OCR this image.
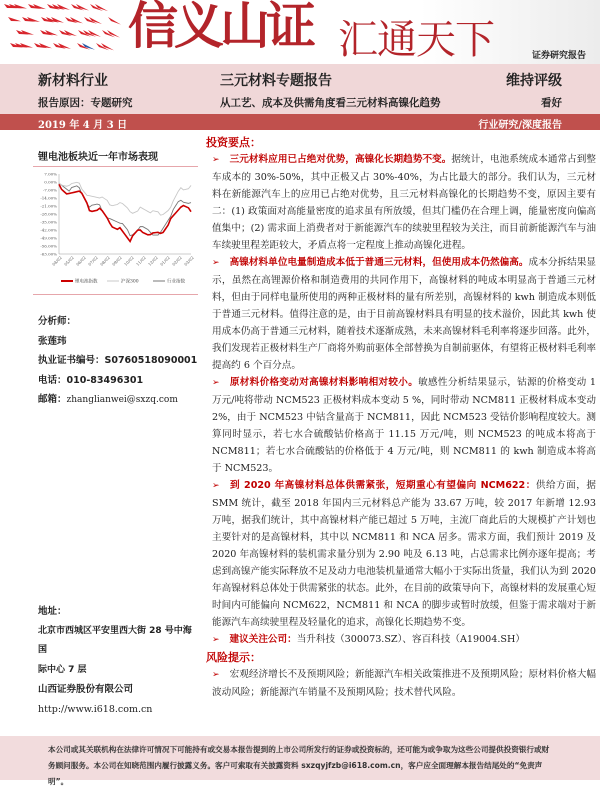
信义山证 汇通天下	证券研究报告
新材料行业	三元材料专题报告	维持评级
报告原因：专题研究	从工艺、成本及供需角度看三元材料高镍化趋势	看好
2019 年 4 月 3 日	行业研究/深度报告
锂电池板块近一年市场表现
7.00%
0.00%
-7.00%
-14.00%
-21.00%
-28.00%
-35.00%
-42.00%
-49.00%
-56.00%
-63.00%
04/02 05/02 06/02 07/02 08/02 09/02 10/02 11/02 12/02 01/02 02/02 03/02
锂电池指数	沪深300	行业指数
分析师：
张莲玮
执业证书编号：S0760518090001
电话：010-83496301
邮箱：zhanglianwei@sxzq.com
地址：
北京市西城区平安里西大街 28 号中海国
际中心 7 层
山西证券股份有限公司
http://www.i618.com.cn
投资要点：
➢ 三元材料应用已占绝对优势，高镍化长期趋势不变。据统计，电池系统成本通常占到整车成本的 30%-50%，其中正极又占 30%-40%，为占比最大的部分。我们认为，三元材料在新能源汽车上的应用已占绝对优势，且三元材料高镍化的长期趋势不变，原因主要有二：(1) 政策面对高能量密度的追求虽有所放缓，但其门槛仍在合理上调，能量密度向偏高值集中；(2) 需求面上消费者对于新能源汽车的续驶里程较为关注，而目前新能源汽车与油车续驶里程差距较大，矛盾点将一定程度上推动高镍化进程。
➢ 高镍材料单位电量制造成本低于普通三元材料，但使用成本仍然偏高。成本分拆结果显示，虽然在高锂源价格和制造费用的共同作用下，高镍材料的吨成本明显高于普通三元材料，但由于同样电量所使用的两种正极材料的量有所差别，高镍材料的 kwh 制造成本则低于普通三元材料。值得注意的是，由于目前高镍材料具有明显的技术溢价，因此其 kwh 使用成本仍高于普通三元材料，随着技术逐渐成熟，未来高镍材料毛利率将逐步回落。此外，我们发现若正极材料生产厂商将外购前驱体全部替换为自制前驱体，有望将正极材料毛利率提高约 6 个百分点。
➢ 原材料价格变动对高镍材料影响相对较小。敏感性分析结果显示，钴源的价格变动 1 万元/吨将带动 NCM523 正极材料成本变动 5 %，同时带动 NCM811 正极材料成本变动 2%，由于 NCM523 中钴含量高于 NCM811，因此 NCM523 受钴价影响程度较大。测算同时显示，若七水合硫酸钴价格高于 11.15 万元/吨，则 NCM523 的吨成本将高于 NCM811；若七水合硫酸钴的价格低于 4 万元/吨，则 NCM811 的 kwh 制造成本将高于 NCM523。
➢ 到 2020 年高镍材料总体供需紧张，短期重心有望偏向 NCM622：供给方面，据 SMM 统计，截至 2018 年国内三元材料总产能为 33.67 万吨，较 2017 年新增 12.93 万吨，据我们统计，其中高镍材料产能已超过 5 万吨，主流厂商此后的大规模扩产计划也主要针对的是高镍材料，其中以 NCM811 和 NCA 居多。需求方面，我们预计 2019 及 2020 年高镍材料的装机需求量分别为 2.90 吨及 6.13 吨，占总需求比例亦逐年提高；考虑到高镍产能实际释放不足及动力电池装机量通常大幅小于实际出货量，我们认为到 2020 年高镍材料总体处于供需紧张的状态。此外，在目前的政策导向下，高镍材料的发展重心短时间内可能偏向 NCM622，NCM811 和 NCA 的脚步或暂时放缓，但鉴于需求端对于新能源汽车高续驶里程及轻量化的追求，高镍化长期趋势不变。
➢ 建议关注公司：当升科技（300073.SZ）、容百科技（A19004.SH）
风险提示：
➢ 宏观经济增长不及预期风险；新能源汽车相关政策推进不及预期风险；原材料价格大幅波动风险；新能源汽车销量不及预期风险；技术替代风险。
本公司或其关联机构在法律许可情况下可能持有或交易本报告提到的上市公司所发行的证券或投资标的，还可能为或争取为这些公司提供投资银行或财务顾问服务。本公司在知晓范围内履行披露义务。客户可索取有关披露资料 sxzqyjfzb@i618.com.cn，客户应全面理解本报告结尾处的“免责声明”。
